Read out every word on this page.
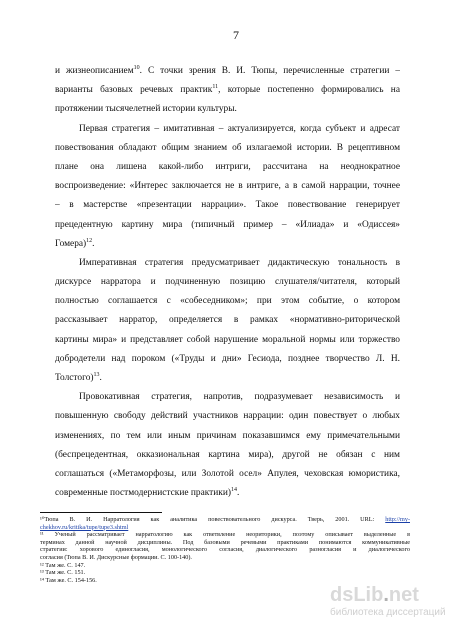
7
и жизнеописанием$^{10}$. С точки зрения В. И. Тюпы, перечисленные стратегии –
варианты базовых речевых практик$^{11}$, которые постепенно формировались на
протяжении тысячелетней истории культуры.
Первая стратегия – имитативная – актуализируется, когда субъект и адресат
повествования обладают общим знанием об излагаемой истории. В рецептивном
плане она лишена какой-либо интриги, рассчитана на неоднократное
воспроизведение: «Интерес заключается не в интриге, а в самой наррации, точнее
– в мастерстве «презентации наррации». Такое повествование генерирует
прецедентную картину мира (типичный пример – «Илиада» и «Одиссея»
Гомера)$^{12}$.
Императивная стратегия предусматривает дидактическую тональность в
дискурсе нарратора и подчиненную позицию слушателя/читателя, который
полностью соглашается с «собеседником»; при этом событие, о котором
рассказывает нарратор, определяется в рамках «нормативно-риторической
картины мира» и представляет собой нарушение моральной нормы или торжество
добродетели над пороком («Труды и дни» Гесиода, позднее творчество Л. Н.
Толстого)$^{13}$.
Провокативная стратегия, напротив, подразумевает независимость и
повышенную свободу действий участников наррации: один повествует о любых
изменениях, по тем или иным причинам показавшимся ему примечательными
(беспрецедентная, окказиональная картина мира), другой не обязан с ним
соглашаться («Метаморфозы, или Золотой осел» Апулея, чеховская юмористика,
современные постмодернистские практики)$^{14}$.
¹⁰Тюпа В. И. Нарратология как аналитика повествовательного дискурса. Тверь, 2001. URL: http://my-
chekhov.ru/kritika/tupe/tupe3.shtml
¹¹ Ученый рассматривает нарратологию как ответвление неориторики, поэтому описывает выделенные в
терминах данной научной дисциплины. Под базовыми речевыми практиками понимаются коммуникативные
стратегии: хорового единогласия, монологического согласия, диалогического разногласия и диалогического
согласия (Тюпа В. И. Дискурсные формации. С. 100-140).
¹² Там же. С. 147.
¹³ Там же. С. 151.
¹⁴ Там же. С. 154-156.
dsLib.net
библиотека диссертаций
